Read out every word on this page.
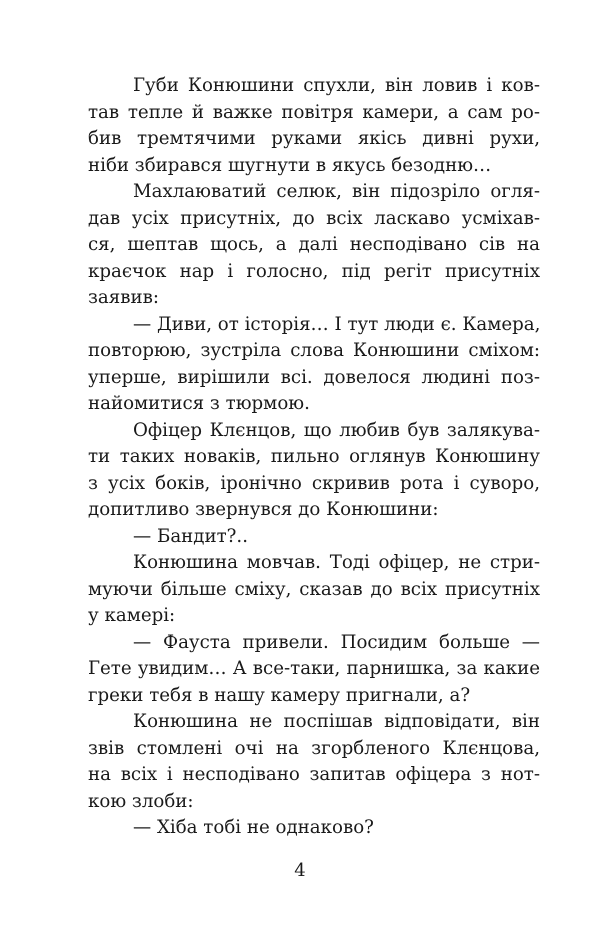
Губи Конюшини спухли, він ловив і ков-
тав тепле й важке повітря камери, а сам ро-
бив тремтячими руками якісь дивні рухи,
ніби збирався шугнути в якусь безодню…
Махлаюватий селюк, він підозріло огля-
дав усіх присутніх, до всіх ласкаво усміхав-
ся, шептав щось, а далі несподівано сів на
краєчок нар і голосно, під регіт присутніх
заявив:
— Диви, от історія… І тут люди є. Камера,
повторюю, зустріла слова Конюшини сміхом:
уперше, вирішили всі. довелося людині поз-
найомитися з тюрмою.
Офіцер Клєнцов, що любив був залякува-
ти таких новаків, пильно оглянув Конюшину
з усіх боків, іронічно скривив рота і суворо,
допитливо звернувся до Конюшини:
— Бандит?..
Конюшина мовчав. Тоді офіцер, не стри-
муючи більше сміху, сказав до всіх присутніх
у камері:
— Фауста привели. Посидим больше —
Гете увидим… А все-таки, парнишка, за какие
греки тебя в нашу камеру пригнали, а?
Конюшина не поспішав відповідати, він
звів стомлені очі на згорбленого Клєнцова,
на всіх і несподівано запитав офіцера з нот-
кою злоби:
— Хіба тобі не однаково?
4
